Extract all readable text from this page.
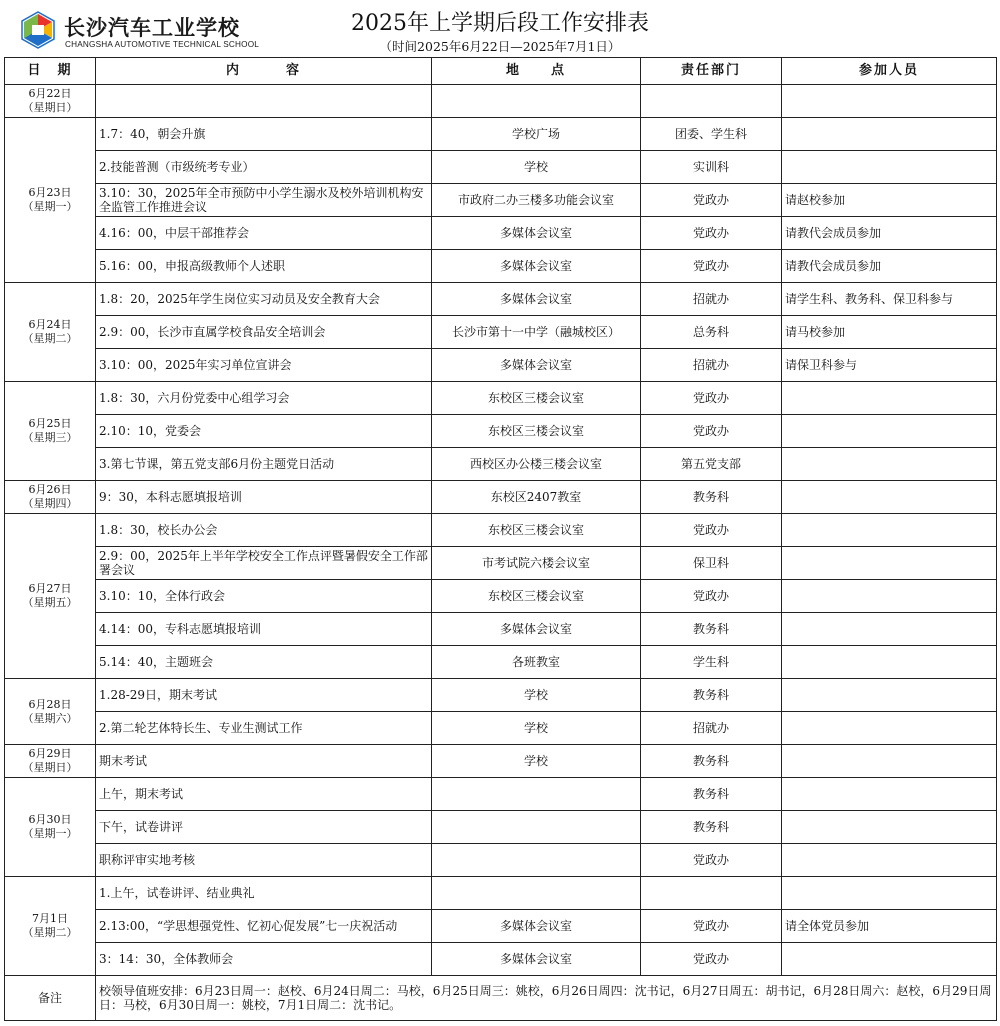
长沙汽车工业学校
CHANGSHA AUTOMOTIVE TECHNICAL SCHOOL
2025年上学期后段工作安排表
（时间2025年6月22日—2025年7月1日）
日　期	内　　　容	地　　点	责任部门	参加人员

6月22日
（星期日）				

6月23日
（星期一）	1.7：40，朝会升旗	学校广场	团委、学生科	
	2.技能普测（市级统考专业）	学校	实训科	
	3.10：30，2025年全市预防中小学生溺水及校外培训机构安全监管工作推进会议	市政府二办三楼多功能会议室	党政办	请赵校参加
	4.16：00，中层干部推荐会	多媒体会议室	党政办	请教代会成员参加
	5.16：00，申报高级教师个人述职	多媒体会议室	党政办	请教代会成员参加

6月24日
（星期二）	1.8：20，2025年学生岗位实习动员及安全教育大会	多媒体会议室	招就办	请学生科、教务科、保卫科参与
	2.9：00，长沙市直属学校食品安全培训会	长沙市第十一中学（融城校区）	总务科	请马校参加
	3.10：00，2025年实习单位宣讲会	多媒体会议室	招就办	请保卫科参与

6月25日
（星期三）	1.8：30，六月份党委中心组学习会	东校区三楼会议室	党政办	
	2.10：10，党委会	东校区三楼会议室	党政办	
	3.第七节课，第五党支部6月份主题党日活动	西校区办公楼三楼会议室	第五党支部	

6月26日
（星期四）	9：30，本科志愿填报培训	东校区2407教室	教务科	

6月27日
（星期五）	1.8：30，校长办公会	东校区三楼会议室	党政办	
	2.9：00，2025年上半年学校安全工作点评暨暑假安全工作部署会议	市考试院六楼会议室	保卫科	
	3.10：10，全体行政会	东校区三楼会议室	党政办	
	4.14：00，专科志愿填报培训	多媒体会议室	教务科	
	5.14：40，主题班会	各班教室	学生科	

6月28日
（星期六）	1.28-29日，期末考试	学校	教务科	
	2.第二轮艺体特长生、专业生测试工作	学校	招就办	

6月29日
（星期日）	期末考试	学校	教务科	

6月30日
（星期一）	上午，期末考试		教务科	
	下午，试卷讲评		教务科	
	职称评审实地考核		党政办	

7月1日
（星期二）	1.上午，试卷讲评、结业典礼			
	2.13:00，“学思想强党性、忆初心促发展”七一庆祝活动	多媒体会议室	党政办	请全体党员参加
	3：14：30，全体教师会	多媒体会议室	党政办	
备注	校领导值班安排：6月23日周一：赵校、6月24日周二：马校，6月25日周三：姚校，6月26日周四：沈书记，6月27日周五：胡书记，6月28日周六：赵校，6月29日周日：马校，6月30日周一：姚校，7月1日周二：沈书记。			
